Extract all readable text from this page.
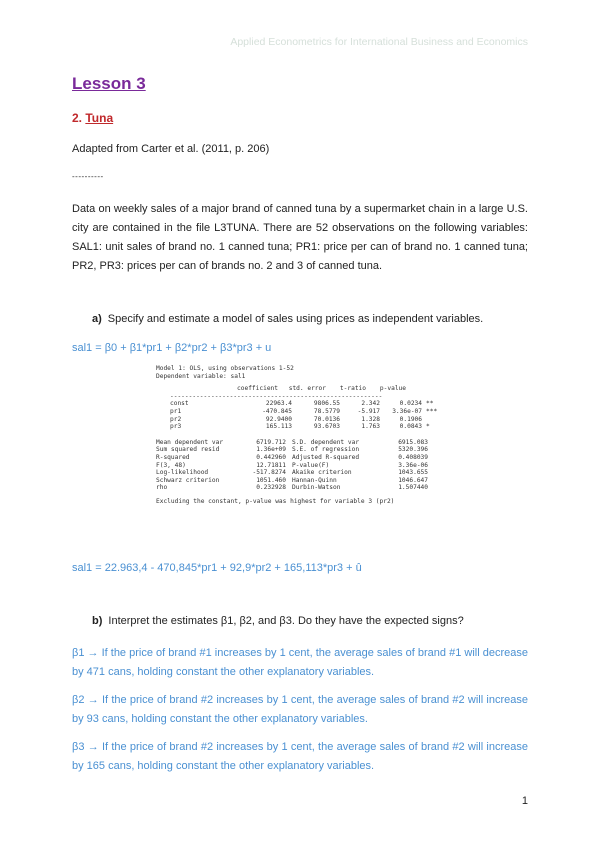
Applied Econometrics for International Business and Economics
Lesson 3
2. Tuna
Adapted from Carter et al. (2011, p. 206)
----------
Data on weekly sales of a major brand of canned tuna by a supermarket chain in a large U.S. city are contained in the file L3TUNA. There are 52 observations on the following variables: SAL1: unit sales of brand no. 1 canned tuna; PR1: price per can of brand no. 1 canned tuna; PR2, PR3: prices per can of brands no. 2 and 3 of canned tuna.
a) Specify and estimate a model of sales using prices as independent variables.
sal1 = β0 + β1*pr1 + β2*pr2 + β3*pr3 + u
Model 1: OLS, using observations 1-52
Dependent variable: sal1
coefficient	std. error	t-ratio	p-value
---------------------------------------------------------
const	22963.4	9806.55	2.342	0.0234 **
pr1	-470.845	78.5779	-5.917	3.36e-07 ***
pr2	92.9400	70.0136	1.328	0.1906
pr3	165.113	93.6703	1.763	0.0843 *
Mean dependent var	6719.712 S.D. dependent var	6915.083
Sum squared resid	1.36e+09 S.E. of regression	5320.396
R-squared	0.442960 Adjusted R-squared	0.408039
F(3, 48)	12.71811 P-value(F)	3.36e-06
Log-likelihood	-517.8274 Akaike criterion	1043.655
Schwarz criterion	1051.460 Hannan-Quinn	1046.647
rho	0.232928 Durbin-Watson	1.507440
Excluding the constant, p-value was highest for variable 3 (pr2)
sal1 = 22.963,4 - 470,845*pr1 + 92,9*pr2 + 165,113*pr3 + û
b) Interpret the estimates β1, β2, and β3. Do they have the expected signs?
β1 → If the price of brand #1 increases by 1 cent, the average sales of brand #1 will decrease by 471 cans, holding constant the other explanatory variables.
β2 → If the price of brand #2 increases by 1 cent, the average sales of brand #2 will increase by 93 cans, holding constant the other explanatory variables.
β3 → If the price of brand #2 increases by 1 cent, the average sales of brand #2 will increase by 165 cans, holding constant the other explanatory variables.
1
